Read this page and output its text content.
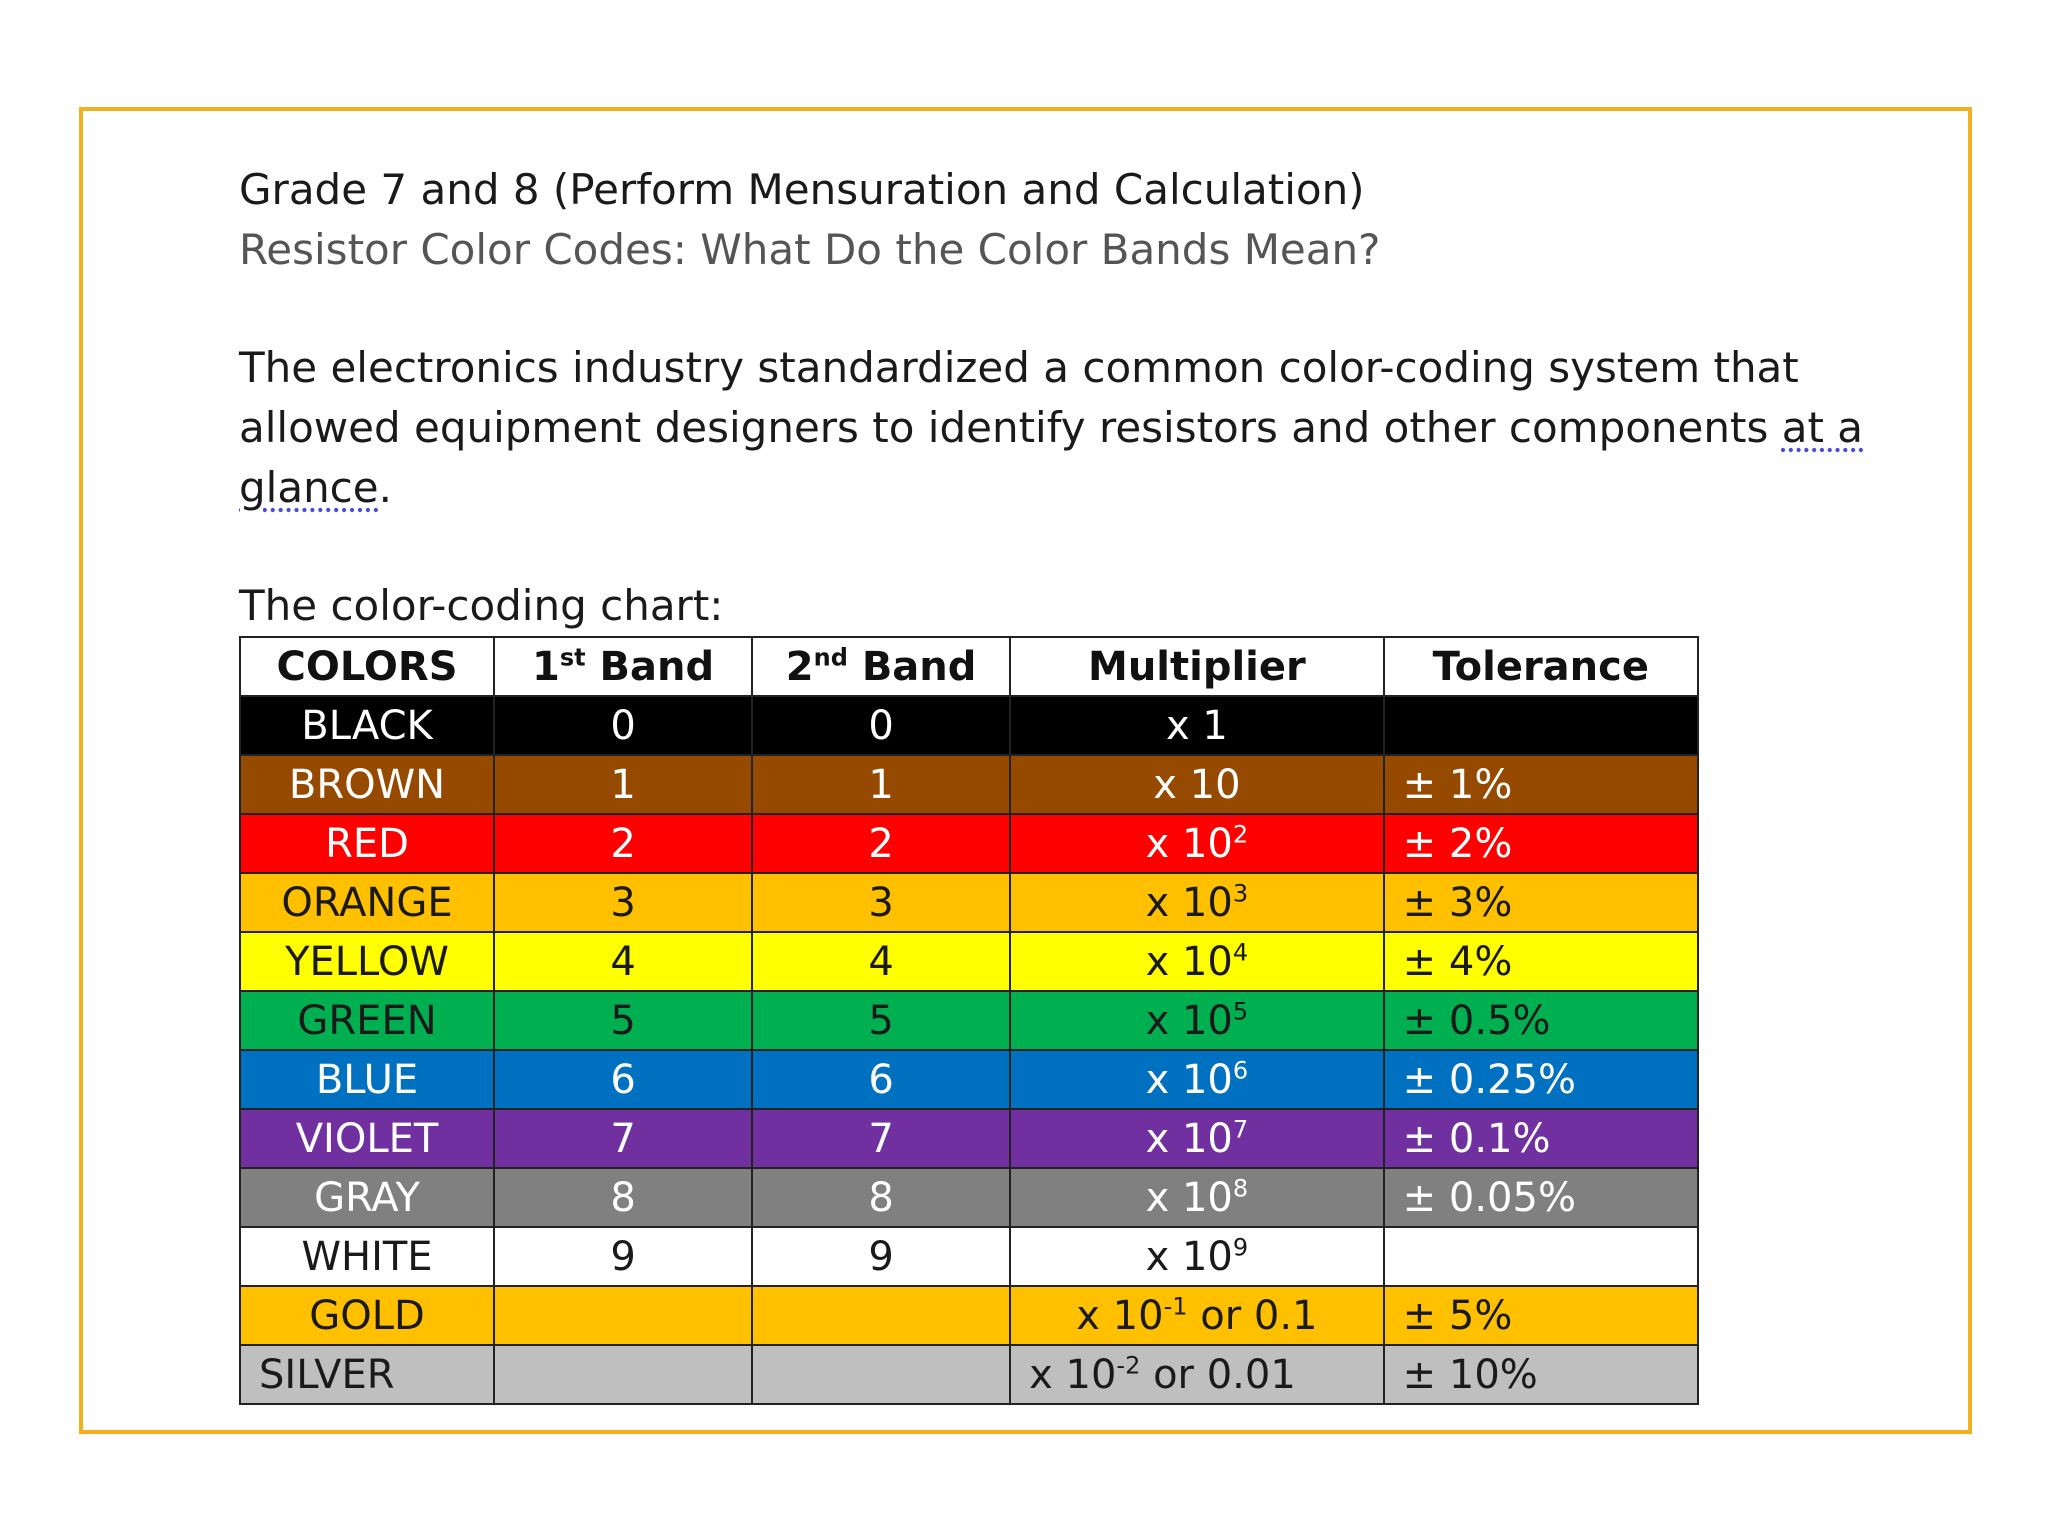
Grade 7 and 8 (Perform Mensuration and Calculation)

Resistor Color Codes: What Do the Color Bands Mean?

The electronics industry standardized a common color-coding system that allowed equipment designers to identify resistors and other components at a glance.

The color-coding chart:

COLORS	1st Band	2nd Band	Multiplier	Tolerance
BLACK	0	0	x 1	
BROWN	1	1	x 10	± 1%
RED	2	2	x $10^2$	± 2%
ORANGE	3	3	x $10^3$	± 3%
YELLOW	4	4	x $10^4$	± 4%
GREEN	5	5	x $10^5$	± 0.5%
BLUE	6	6	x $10^6$	± 0.25%
VIOLET	7	7	x $10^7$	± 0.1%
GRAY	8	8	x $10^8$	± 0.05%
WHITE	9	9	x $10^9$	
GOLD			x $10^{-1}$ or 0.1	± 5%
SILVER			x $10^{-2}$ or 0.01	± 10%
